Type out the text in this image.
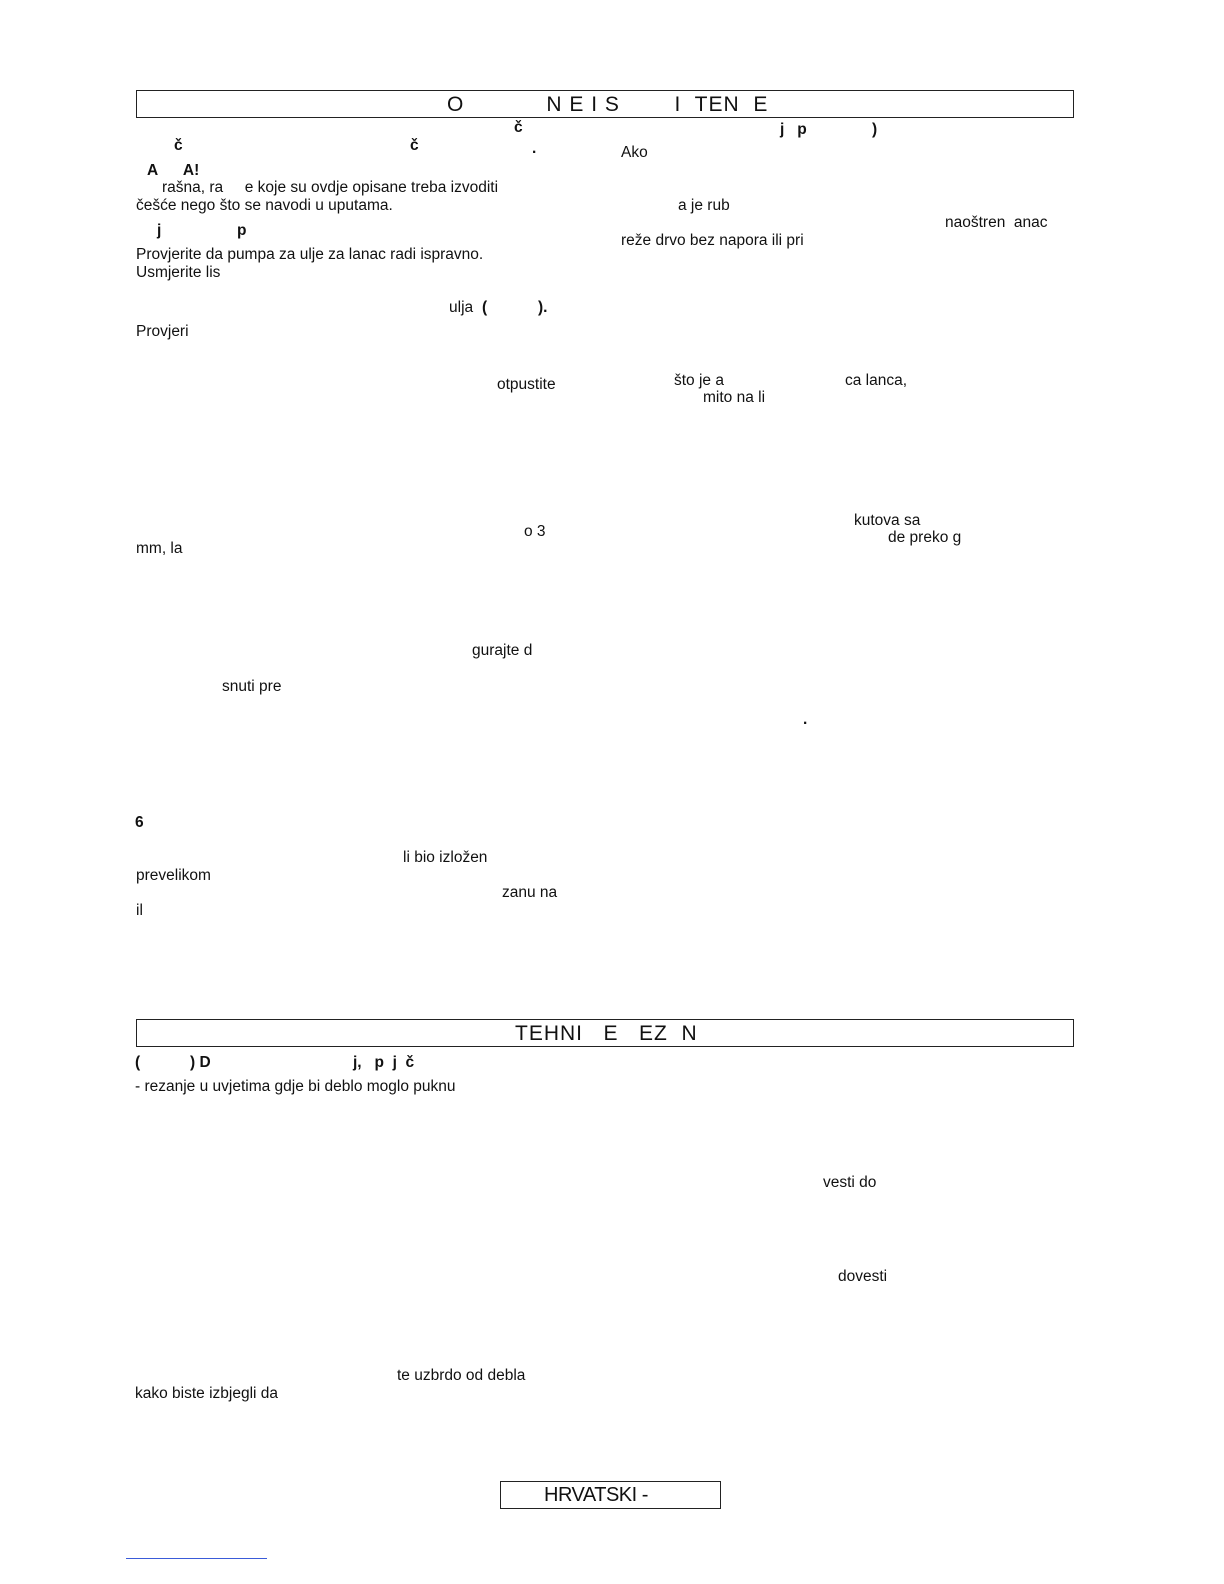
O            N E I S        I  TEN  E
č	j   p	)
č	č	.	Ako
A      A!
rašna, ra     e koje su ovdje opisane treba izvoditi
češće nego što se navodi u uputama.	a je rub
naoštren  anac
j	p
reže drvo bez napora ili pri
Provjerite da pumpa za ulje za lanac radi ispravno.
Usmjerite lis
ulja (	).
Provjeri
što je a	ca lanca,
otpustite
mito na li
kutova sa
o 3	de preko g
mm, la
gurajte d
snuti pre
.
6
li bio izložen
prevelikom
zanu na
il
TEHNI   E   EZ  N
(	) D	j,   p  j  č
- rezanje u uvjetima gdje bi deblo moglo puknu
vesti do
dovesti
te uzbrdo od debla
kako biste izbjegli da
HRVATSKI -
